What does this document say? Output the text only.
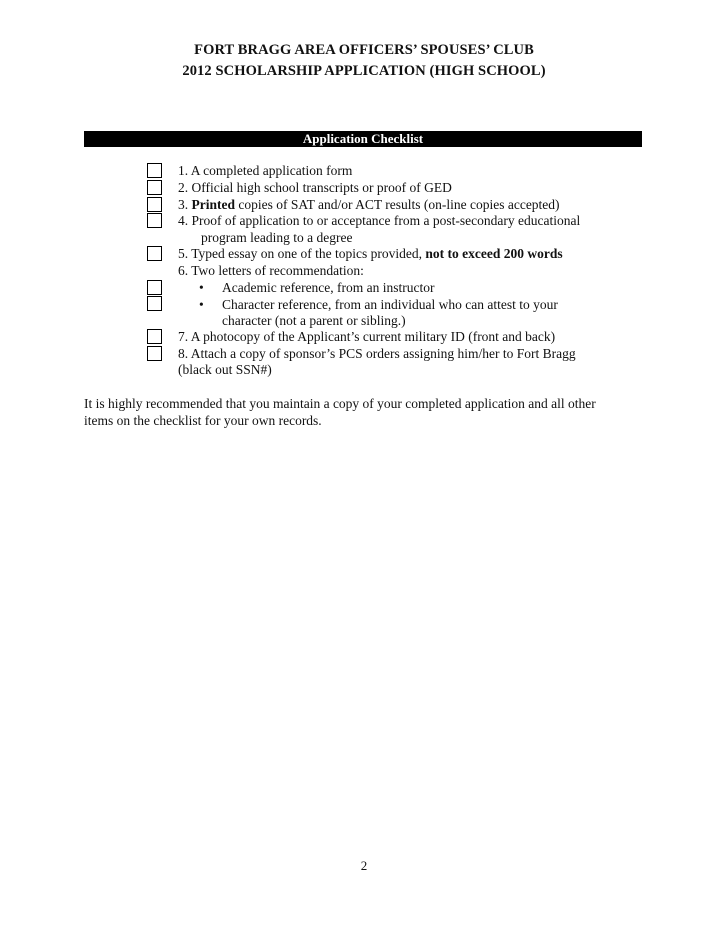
FORT BRAGG AREA OFFICERS’ SPOUSES’ CLUB
2012 SCHOLARSHIP APPLICATION (HIGH SCHOOL)
Application Checklist
1. A completed application form
2. Official high school transcripts or proof of GED
3. Printed copies of SAT and/or ACT results (on-line copies accepted)
4. Proof of application to or acceptance from a post-secondary educational
program leading to a degree
5. Typed essay on one of the topics provided, not to exceed 200 words
6. Two letters of recommendation:
• Academic reference, from an instructor
• Character reference, from an individual who can attest to your
character (not a parent or sibling.)
7. A photocopy of the Applicant’s current military ID (front and back)
8. Attach a copy of sponsor’s PCS orders assigning him/her to Fort Bragg
(black out SSN#)
It is highly recommended that you maintain a copy of your completed application and all other
items on the checklist for your own records.
2
